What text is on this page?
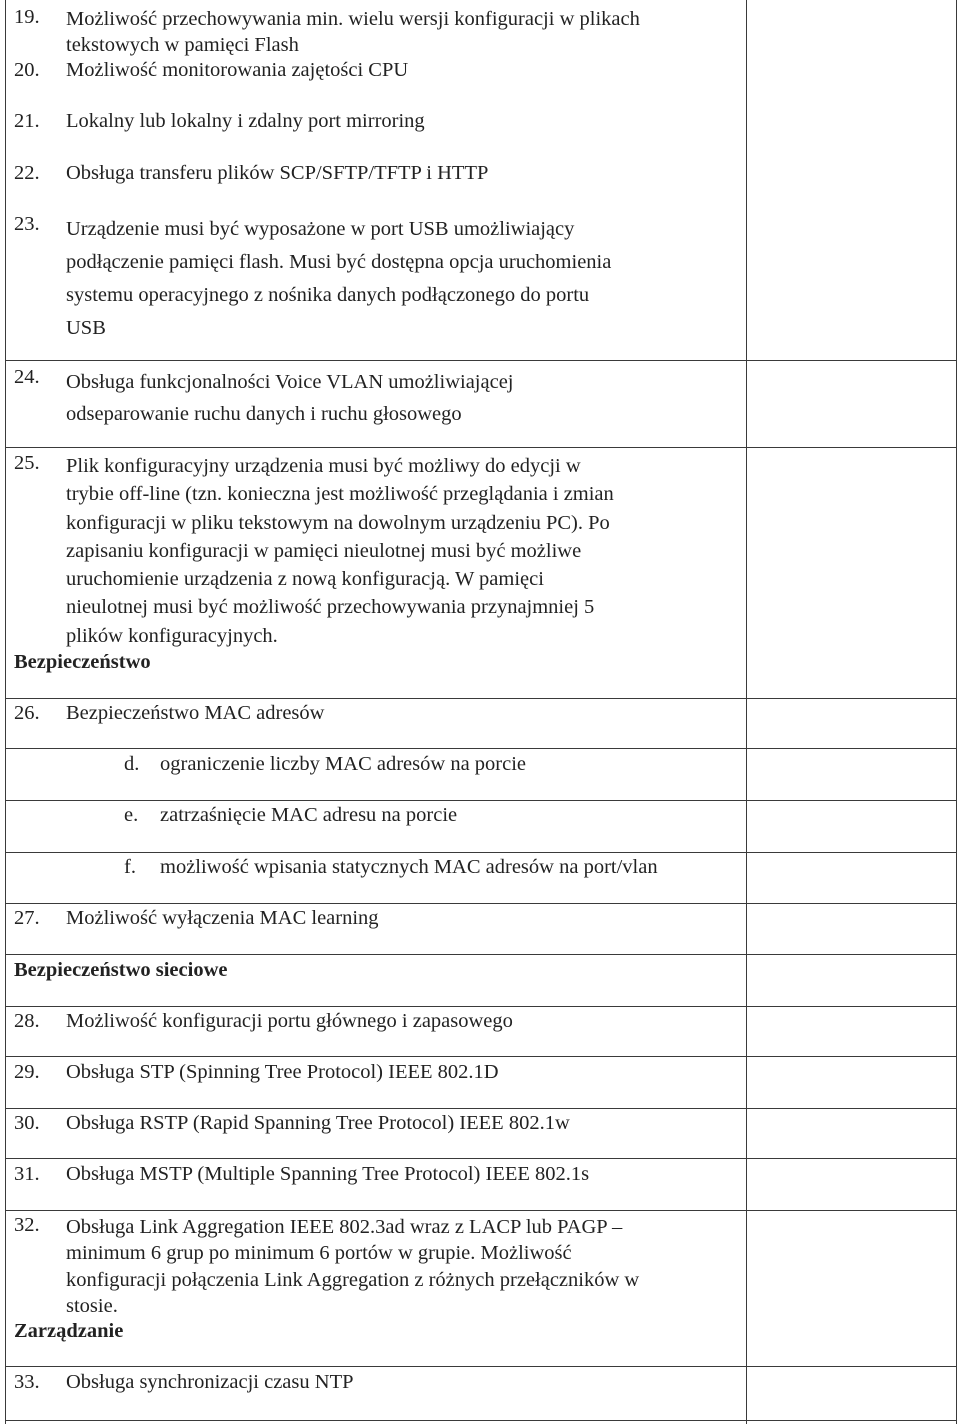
19. Możliwość przechowywania min. wielu wersji konfiguracji w plikach
tekstowych w pamięci Flash
20. Możliwość monitorowania zajętości CPU
21. Lokalny lub lokalny i zdalny port mirroring
22. Obsługa transferu plików SCP/SFTP/TFTP i HTTP
23. Urządzenie musi być wyposażone w port USB umożliwiający
podłączenie pamięci flash. Musi być dostępna opcja uruchomienia
systemu operacyjnego z nośnika danych podłączonego do portu
USB
24. Obsługa funkcjonalności Voice VLAN umożliwiającej
odseparowanie ruchu danych i ruchu głosowego
25. Plik konfiguracyjny urządzenia musi być możliwy do edycji w
trybie off-line (tzn. konieczna jest możliwość przeglądania i zmian
konfiguracji w pliku tekstowym na dowolnym urządzeniu PC). Po
zapisaniu konfiguracji w pamięci nieulotnej musi być możliwe
uruchomienie urządzenia z nową konfiguracją. W pamięci
nieulotnej musi być możliwość przechowywania przynajmniej 5
plików konfiguracyjnych.
Bezpieczeństwo
26. Bezpieczeństwo MAC adresów
d. ograniczenie liczby MAC adresów na porcie
e. zatrzaśnięcie MAC adresu na porcie
f. możliwość wpisania statycznych MAC adresów na port/vlan
27. Możliwość wyłączenia MAC learning
Bezpieczeństwo sieciowe
28. Możliwość konfiguracji portu głównego i zapasowego
29. Obsługa STP (Spinning Tree Protocol) IEEE 802.1D
30. Obsługa RSTP (Rapid Spanning Tree Protocol) IEEE 802.1w
31. Obsługa MSTP (Multiple Spanning Tree Protocol) IEEE 802.1s
32. Obsługa Link Aggregation IEEE 802.3ad wraz z LACP lub PAGP –
minimum 6 grup po minimum 6 portów w grupie. Możliwość
konfiguracji połączenia Link Aggregation z różnych przełączników w
stosie.
Zarządzanie
33. Obsługa synchronizacji czasu NTP
